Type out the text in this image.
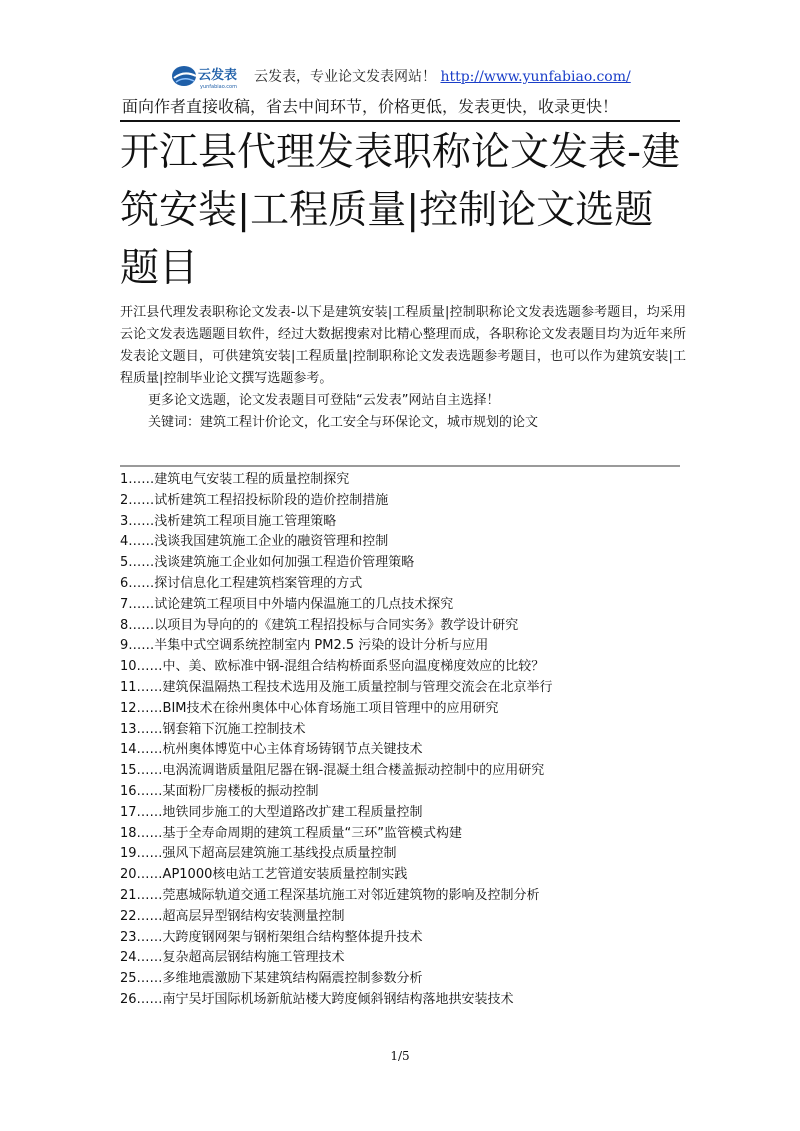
云发表
yunfabiao.com
云发表，专业论文发表网站！ http://www.yunfabiao.com/
面向作者直接收稿，省去中间环节，价格更低，发表更快，收录更快！
开江县代理发表职称论文发表-建筑安装|工程质量|控制论文选题题目

开江县代理发表职称论文发表-以下是建筑安装|工程质量|控制职称论文发表选题参考题目，均采用云论文发表选题题目软件，经过大数据搜索对比精心整理而成，各职称论文发表题目均为近年来所发表论文题目，可供建筑安装|工程质量|控制职称论文发表选题参考题目，也可以作为建筑安装|工程质量|控制毕业论文撰写选题参考。

更多论文选题，论文发表题目可登陆“云发表”网站自主选择！
关键词：建筑工程计价论文，化工安全与环保论文，城市规划的论文
1……建筑电气安装工程的质量控制探究
2……试析建筑工程招投标阶段的造价控制措施
3……浅析建筑工程项目施工管理策略
4……浅谈我国建筑施工企业的融资管理和控制
5……浅谈建筑施工企业如何加强工程造价管理策略
6……探讨信息化工程建筑档案管理的方式
7……试论建筑工程项目中外墙内保温施工的几点技术探究
8……以项目为导向的的《建筑工程招投标与合同实务》教学设计研究
9……半集中式空调系统控制室内 PM2.5 污染的设计分析与应用
10……中、美、欧标准中钢-混组合结构桥面系竖向温度梯度效应的比较？
11……建筑保温隔热工程技术选用及施工质量控制与管理交流会在北京举行
12……BIM技术在徐州奥体中心体育场施工项目管理中的应用研究
13……钢套箱下沉施工控制技术
14……杭州奥体博览中心主体育场铸钢节点关键技术
15……电涡流调谐质量阻尼器在钢-混凝土组合楼盖振动控制中的应用研究
16……某面粉厂房楼板的振动控制
17……地铁同步施工的大型道路改扩建工程质量控制
18……基于全寿命周期的建筑工程质量“三环”监管模式构建
19……强风下超高层建筑施工基线投点质量控制
20……AP1000核电站工艺管道安装质量控制实践
21……莞惠城际轨道交通工程深基坑施工对邻近建筑物的影响及控制分析
22……超高层异型钢结构安装测量控制
23……大跨度钢网架与钢桁架组合结构整体提升技术
24……复杂超高层钢结构施工管理技术
25……多维地震激励下某建筑结构隔震控制参数分析
26……南宁吴圩国际机场新航站楼大跨度倾斜钢结构落地拱安装技术
1/5
